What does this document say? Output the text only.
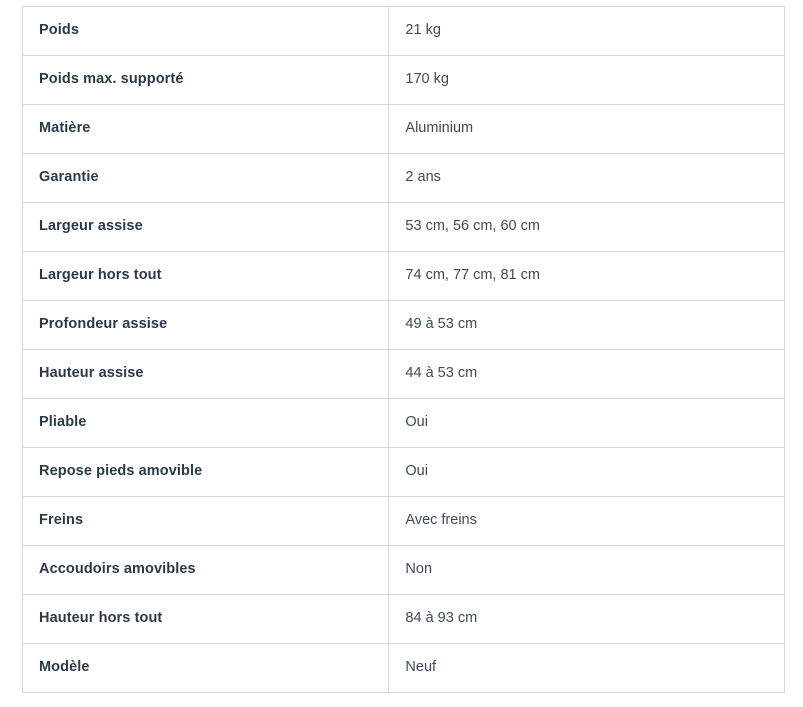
Poids	21 kg
Poids max. supporté	170 kg
Matière	Aluminium
Garantie	2 ans
Largeur assise	53 cm, 56 cm, 60 cm
Largeur hors tout	74 cm, 77 cm, 81 cm
Profondeur assise	49 à 53 cm
Hauteur assise	44 à 53 cm
Pliable	Oui
Repose pieds amovible	Oui
Freins	Avec freins
Accoudoirs amovibles	Non
Hauteur hors tout	84 à 93 cm
Modèle	Neuf
